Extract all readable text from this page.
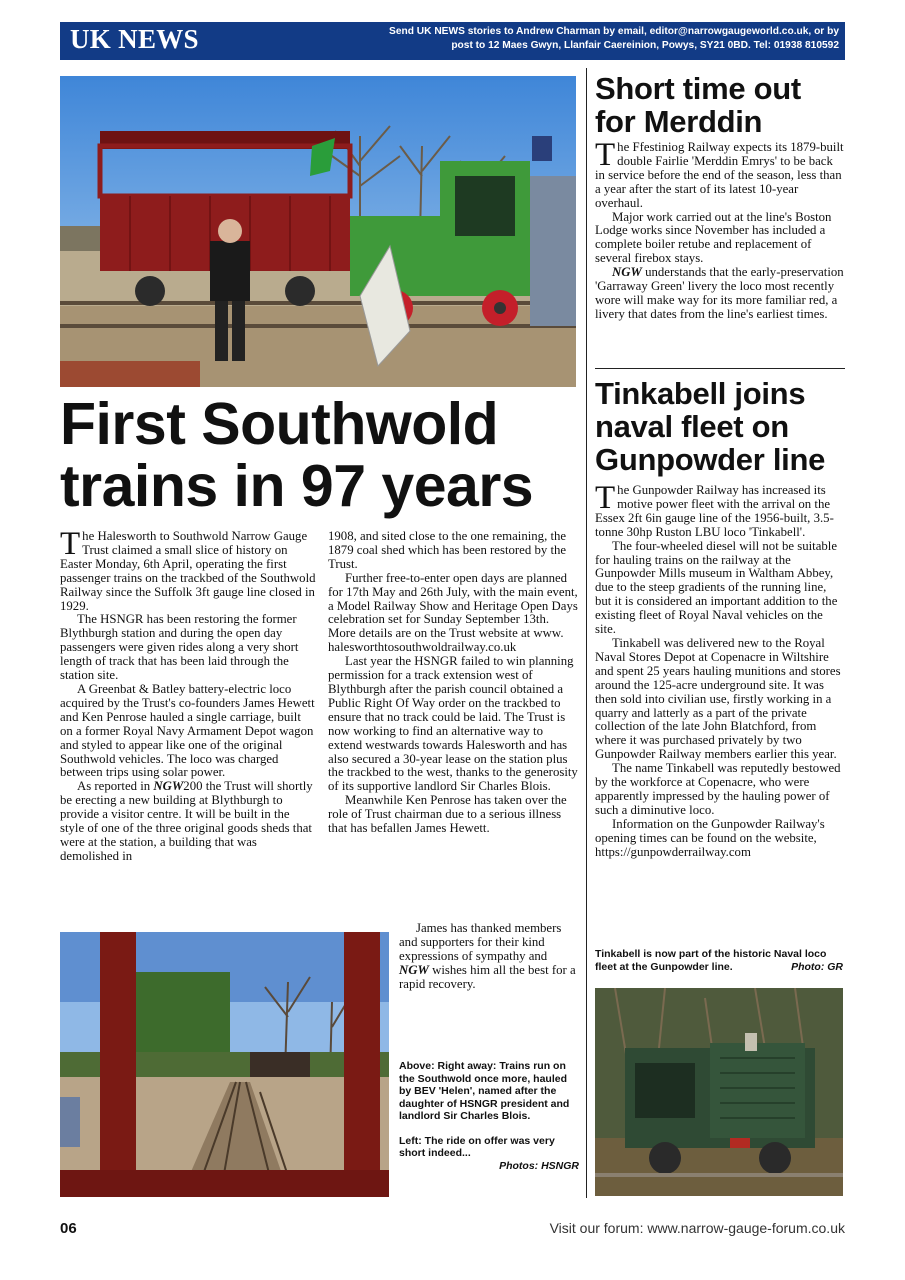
UK NEWS	Send UK NEWS stories to Andrew Charman by email, editor@narrowgaugeworld.co.uk, or by
post to 12 Maes Gwyn, Llanfair Caereinion, Powys, SY21 0BD. Tel: 01938 810592
First Southwold
trains in 97 years

The Halesworth to Southwold Narrow Gauge Trust claimed a small slice of history on Easter Monday, 6th April, operating the first passenger trains on the trackbed of the Southwold Railway since the Suffolk 3ft gauge line closed in 1929.

The HSNGR has been restoring the former Blythburgh station and during the open day passengers were given rides along a very short length of track that has been laid through the station site.

A Greenbat & Batley battery-electric loco acquired by the Trust's co-founders James Hewett and Ken Penrose hauled a single carriage, built on a former Royal Navy Armament Depot wagon and styled to appear like one of the original Southwold vehicles. The loco was charged between trips using solar power.

As reported in NGW200 the Trust will shortly be erecting a new building at Blythburgh to provide a visitor centre. It will be built in the style of one of the three original goods sheds that were at the station, a building that was demolished in

1908, and sited close to the one remaining, the 1879 coal shed which has been restored by the Trust.

Further free-to-enter open days are planned for 17th May and 26th July, with the main event, a Model Railway Show and Heritage Open Days celebration set for Sunday September 13th. More details are on the Trust website at www. halesworthtosouthwoldrailway.co.uk

Last year the HSNGR failed to win planning permission for a track extension west of Blythburgh after the parish council obtained a Public Right Of Way order on the trackbed to ensure that no track could be laid. The Trust is now working to find an alternative way to extend westwards towards Halesworth and has also secured a 30-year lease on the station plus the trackbed to the west, thanks to the generosity of its supportive landlord Sir Charles Blois.

Meanwhile Ken Penrose has taken over the role of Trust chairman due to a serious illness that has befallen James Hewett.

James has thanked members and supporters for their kind expressions of sympathy and NGW wishes him all the best for a rapid recovery.

Above: Right away: Trains run on the Southwold once more, hauled by BEV 'Helen', named after the daughter of HSNGR president and landlord Sir Charles Blois.

Left: The ride on offer was very short indeed...

Photos: HSNGR

Short time out
for Merddin

The Ffestiniog Railway expects its 1879-built double Fairlie 'Merddin Emrys' to be back in service before the end of the season, less than a year after the start of its latest 10-year overhaul.

Major work carried out at the line's Boston Lodge works since November has included a complete boiler retube and replacement of several firebox stays.

NGW understands that the early-preservation 'Garraway Green' livery the loco most recently wore will make way for its more familiar red, a livery that dates from the line's earliest times.

Tinkabell joins
naval fleet on
Gunpowder line

The Gunpowder Railway has increased its motive power fleet with the arrival on the Essex 2ft 6in gauge line of the 1956-built, 3.5-tonne 30hp Ruston LBU loco 'Tinkabell'.

The four-wheeled diesel will not be suitable for hauling trains on the railway at the Gunpowder Mills museum in Waltham Abbey, due to the steep gradients of the running line, but it is considered an important addition to the existing fleet of Royal Naval vehicles on the site.

Tinkabell was delivered new to the Royal Naval Stores Depot at Copenacre in Wiltshire and spent 25 years hauling munitions and stores around the 125-acre underground site. It was then sold into civilian use, firstly working in a quarry and latterly as a part of the private collection of the late John Blatchford, from where it was purchased privately by two Gunpowder Railway members earlier this year.

The name Tinkabell was reputedly bestowed by the workforce at Copenacre, who were apparently impressed by the hauling power of such a diminutive loco.

Information on the Gunpowder Railway's opening times can be found on the website, https://gunpowderrailway.com

Tinkabell is now part of the historic Naval loco fleet at the Gunpowder line.	Photo: GR
06	Visit our forum: www.narrow-gauge-forum.co.uk
